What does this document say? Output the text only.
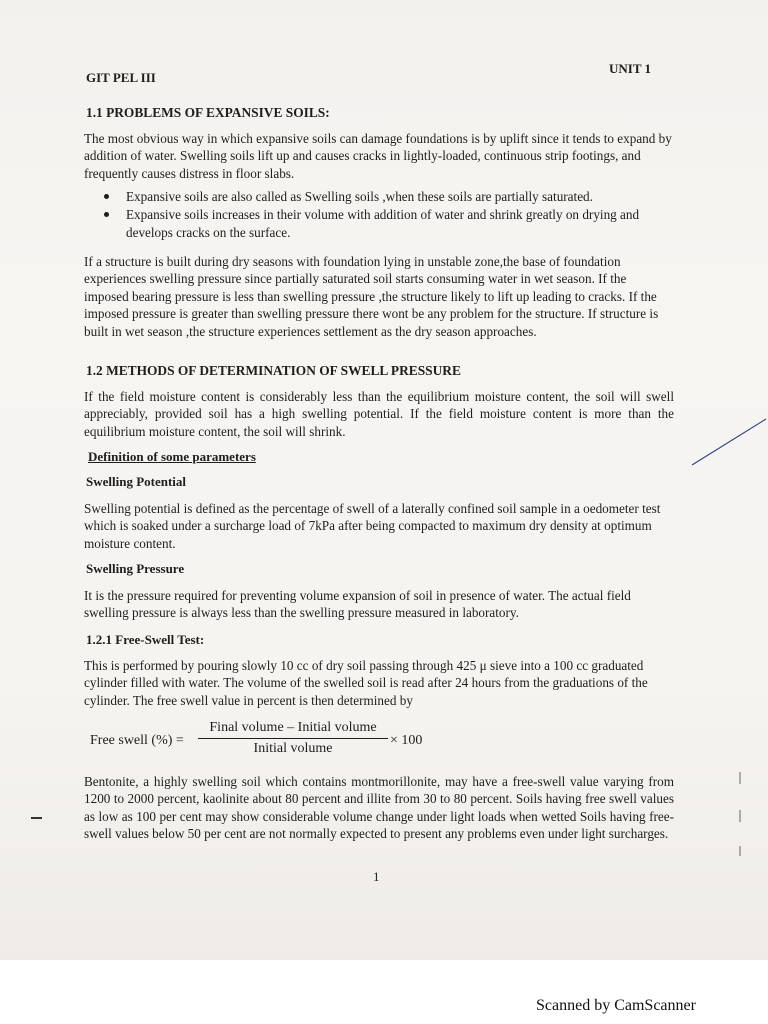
GIT PEL III
UNIT 1
1.1 PROBLEMS OF EXPANSIVE SOILS:
The most obvious way in which expansive soils can damage foundations is by uplift since it tends to expand by addition of water. Swelling soils lift up and causes cracks in lightly-loaded, continuous strip footings, and frequently causes distress in floor slabs.
Expansive soils are also called as Swelling soils ,when these soils are partially saturated.
Expansive soils increases in their volume with addition of water and shrink greatly on drying and develops cracks on the surface.
If a structure is built during dry seasons with foundation lying in unstable zone,the base of foundation experiences swelling pressure since partially saturated soil starts consuming water in wet season. If the imposed bearing pressure is less than swelling pressure ,the structure likely to lift up leading to cracks. If the imposed pressure is greater than swelling pressure there wont be any problem for the structure. If structure is built in wet season ,the structure experiences settlement as the dry season approaches.
1.2 METHODS OF DETERMINATION OF SWELL PRESSURE
If the field moisture content is considerably less than the equilibrium moisture content, the soil will swell appreciably, provided soil has a high swelling potential. If the field moisture content is more than the equilibrium moisture content, the soil will shrink.
Definition of some parameters
Swelling Potential
Swelling potential is defined as the percentage of swell of a laterally confined soil sample in a oedometer test which is soaked under a surcharge load of 7kPa after being compacted to maximum dry density at optimum moisture content.
Swelling Pressure
It is the pressure required for preventing volume expansion of soil in presence of water. The actual field swelling pressure is always less than the swelling pressure measured in laboratory.
1.2.1 Free-Swell Test:
This is performed by pouring slowly 10 cc of dry soil passing through 425 μ sieve into a 100 cc graduated cylinder filled with water. The volume of the swelled soil is read after 24 hours from the graduations of the cylinder. The free swell value in percent is then determined by
Free swell (%) =
Final volume – Initial volume
Initial volume
× 100
Bentonite, a highly swelling soil which contains montmorillonite, may have a free-swell value varying from 1200 to 2000 percent, kaolinite about 80 percent and illite from 30 to 80 percent. Soils having free swell values as low as 100 per cent may show considerable volume change under light loads when wetted Soils having free-swell values below 50 per cent are not normally expected to present any problems even under light surcharges.
1
Scanned by CamScanner
